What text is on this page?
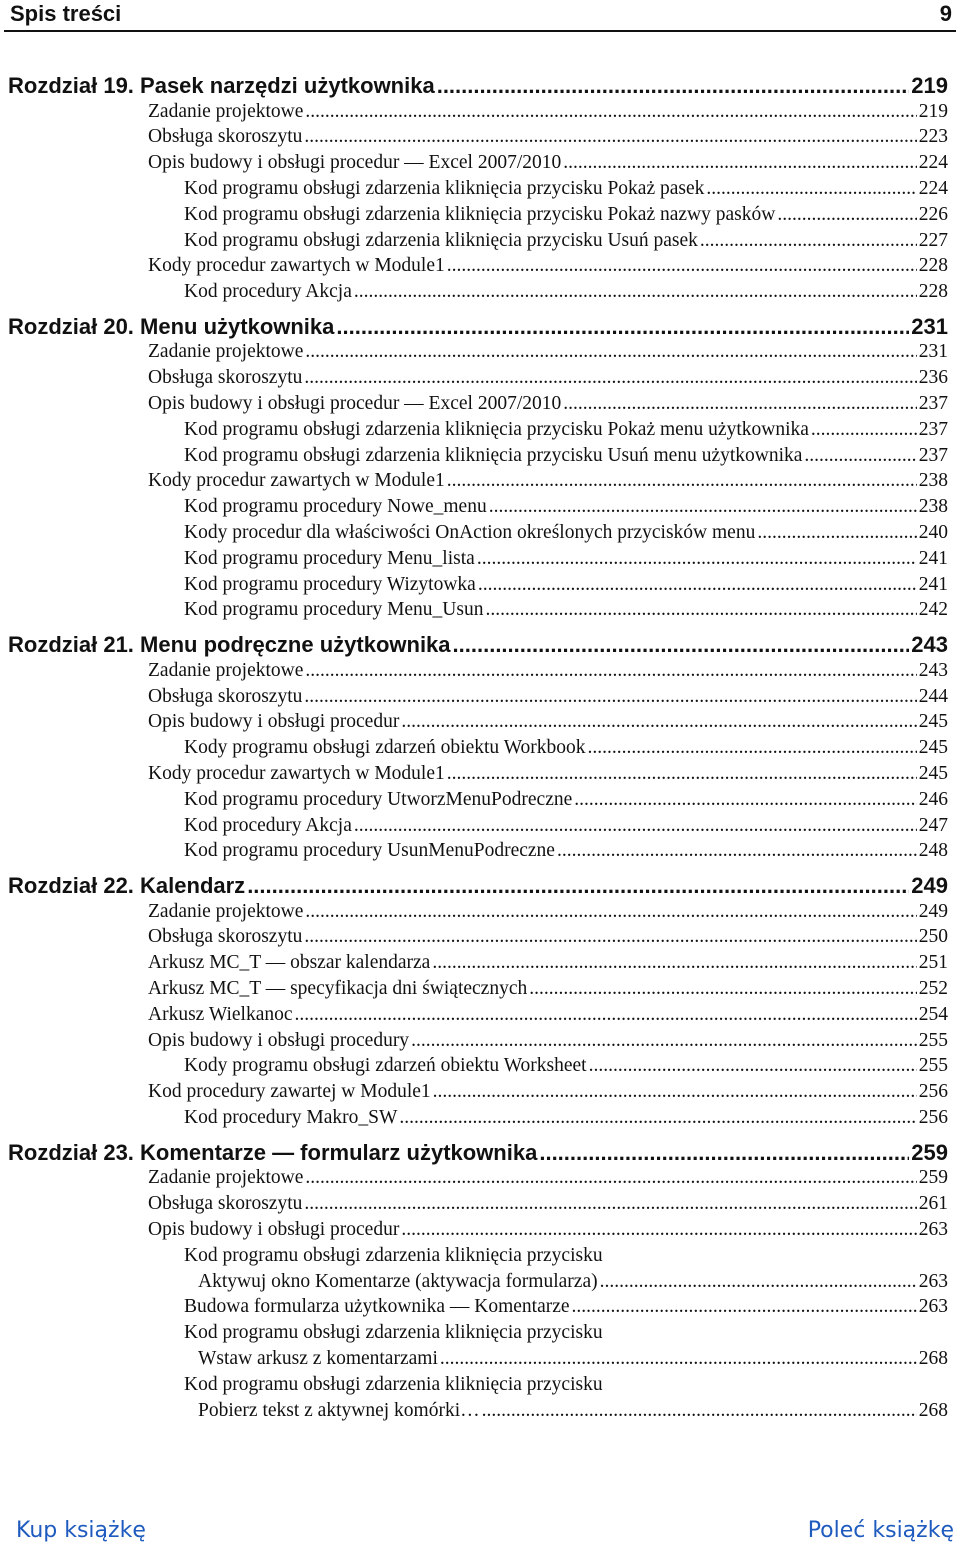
Spis treści	9
Rozdział 19. Pasek narzędzi użytkownika .....	219
Zadanie projektowe .....	219
Obsługa skoroszytu .....	223
Opis budowy i obsługi procedur — Excel 2007/2010 .....	224
Kod programu obsługi zdarzenia kliknięcia przycisku Pokaż pasek .....	224
Kod programu obsługi zdarzenia kliknięcia przycisku Pokaż nazwy pasków .....	226
Kod programu obsługi zdarzenia kliknięcia przycisku Usuń pasek .....	227
Kody procedur zawartych w Module1 .....	228
Kod procedury Akcja .....	228
Rozdział 20. Menu użytkownika .....	231
Zadanie projektowe .....	231
Obsługa skoroszytu .....	236
Opis budowy i obsługi procedur — Excel 2007/2010 .....	237
Kod programu obsługi zdarzenia kliknięcia przycisku Pokaż menu użytkownika .....	237
Kod programu obsługi zdarzenia kliknięcia przycisku Usuń menu użytkownika .....	237
Kody procedur zawartych w Module1 .....	238
Kod programu procedury Nowe_menu .....	238
Kody procedur dla właściwości OnAction określonych przycisków menu .....	240
Kod programu procedury Menu_lista .....	241
Kod programu procedury Wizytowka .....	241
Kod programu procedury Menu_Usun .....	242
Rozdział 21. Menu podręczne użytkownika .....	243
Zadanie projektowe .....	243
Obsługa skoroszytu .....	244
Opis budowy i obsługi procedur .....	245
Kody programu obsługi zdarzeń obiektu Workbook .....	245
Kody procedur zawartych w Module1 .....	245
Kod programu procedury UtworzMenuPodreczne .....	246
Kod procedury Akcja .....	247
Kod programu procedury UsunMenuPodreczne .....	248
Rozdział 22. Kalendarz .....	249
Zadanie projektowe .....	249
Obsługa skoroszytu .....	250
Arkusz MC_T — obszar kalendarza .....	251
Arkusz MC_T — specyfikacja dni świątecznych .....	252
Arkusz Wielkanoc .....	254
Opis budowy i obsługi procedury .....	255
Kody programu obsługi zdarzeń obiektu Worksheet .....	255
Kod procedury zawartej w Module1 .....	256
Kod procedury Makro_SW .....	256
Rozdział 23. Komentarze — formularz użytkownika .....	259
Zadanie projektowe .....	259
Obsługa skoroszytu .....	261
Opis budowy i obsługi procedur .....	263
Kod programu obsługi zdarzenia kliknięcia przycisku
Aktywuj okno Komentarze (aktywacja formularza) .....	263
Budowa formularza użytkownika — Komentarze .....	263
Kod programu obsługi zdarzenia kliknięcia przycisku
Wstaw arkusz z komentarzami .....	268
Kod programu obsługi zdarzenia kliknięcia przycisku
Pobierz tekst z aktywnej komórki… .....	268
Kup książkę	Poleć książkę
